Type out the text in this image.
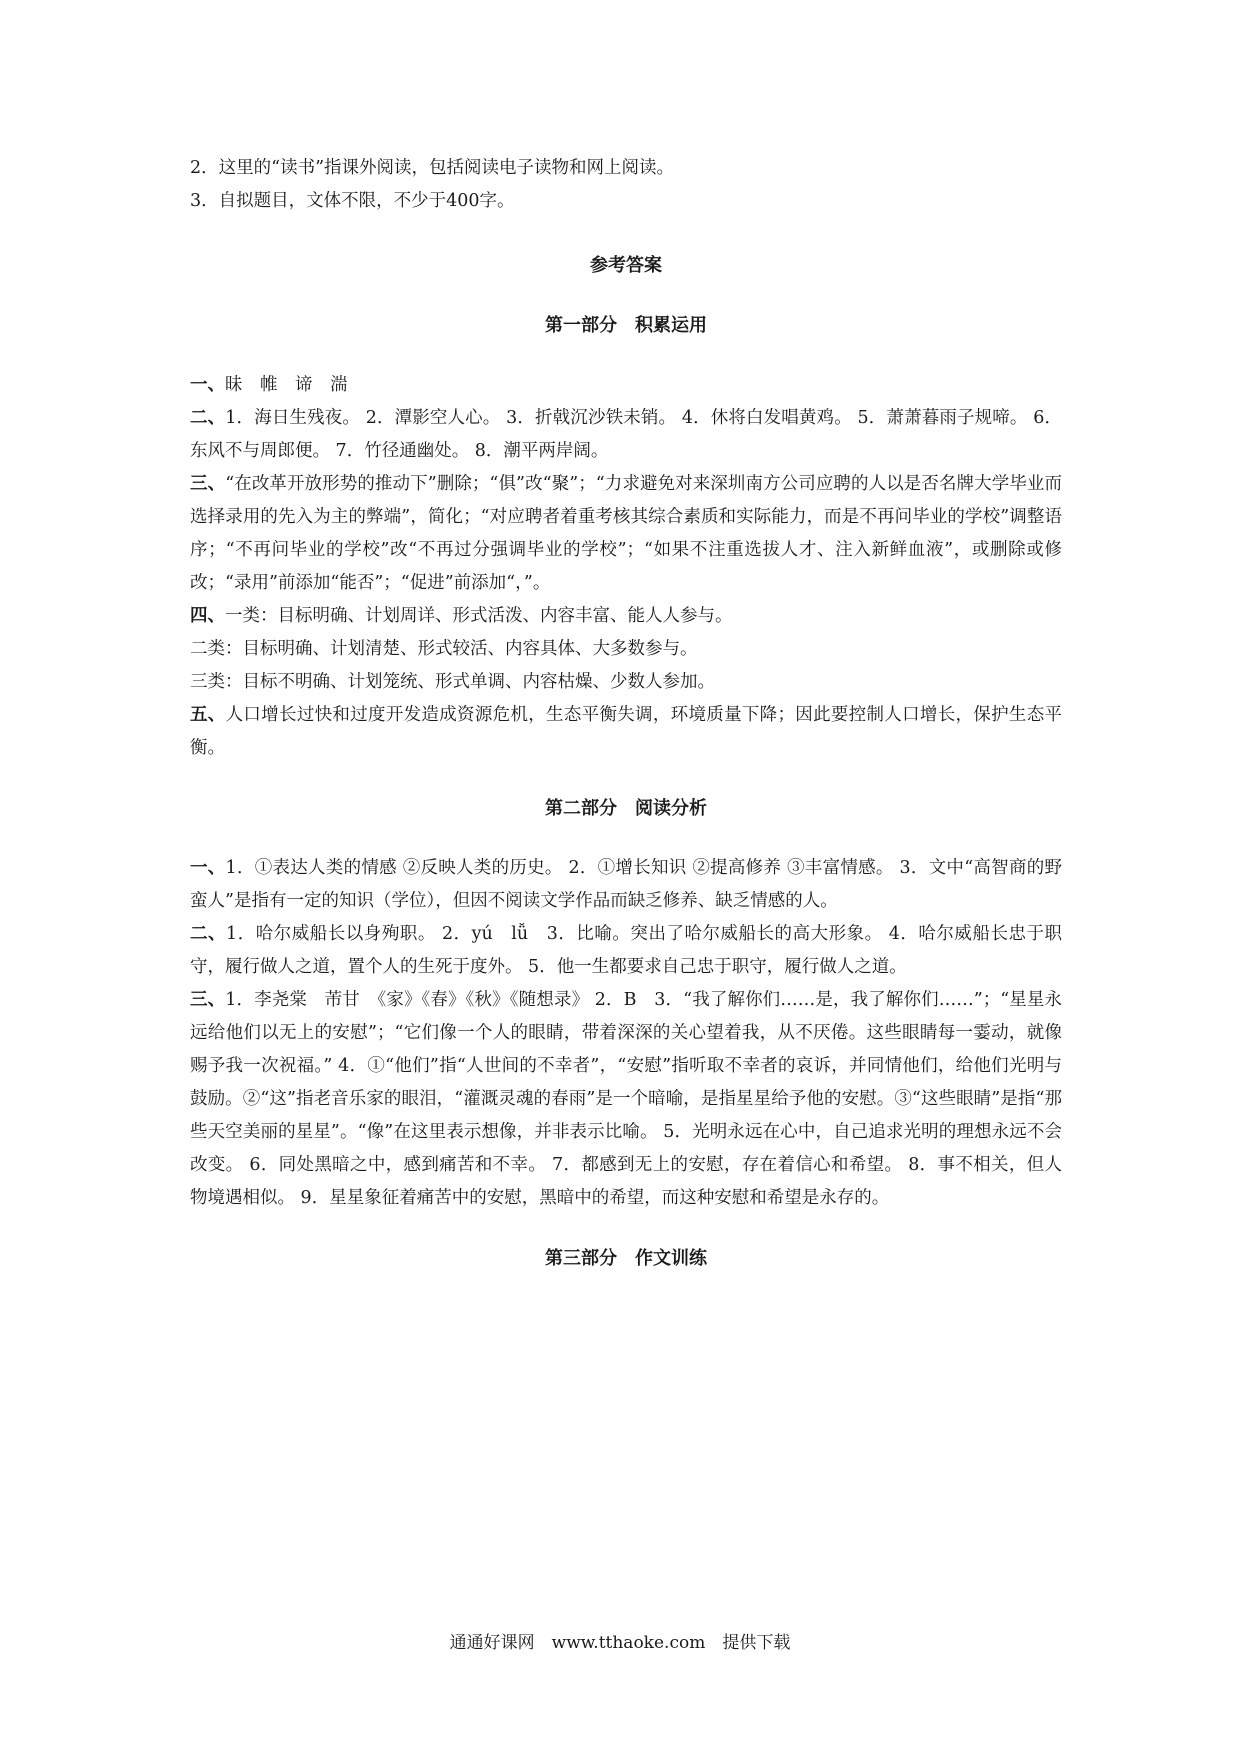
2．这里的“读书”指课外阅读，包括阅读电子读物和网上阅读。

3．自拟题目，文体不限，不少于400字。

参考答案

第一部分　积累运用

一、昧　帷　谛　湍

二、1．海日生残夜。 2．潭影空人心。 3．折戟沉沙铁未销。 4．休将白发唱黄鸡。 5．萧萧暮雨子规啼。 6．东风不与周郎便。 7．竹径通幽处。 8．潮平两岸阔。

三、“在改革开放形势的推动下”删除；“俱”改“聚”；“力求避免对来深圳南方公司应聘的人以是否名牌大学毕业而选择录用的先入为主的弊端”，简化；“对应聘者着重考核其综合素质和实际能力，而是不再问毕业的学校”调整语序；“不再问毕业的学校”改“不再过分强调毕业的学校”；“如果不注重选拔人才、注入新鲜血液”，或删除或修改；“录用”前添加“能否”；“促进”前添加“，”。

四、一类：目标明确、计划周详、形式活泼、内容丰富、能人人参与。

二类：目标明确、计划清楚、形式较活、内容具体、大多数参与。

三类：目标不明确、计划笼统、形式单调、内容枯燥、少数人参加。

五、人口增长过快和过度开发造成资源危机，生态平衡失调，环境质量下降；因此要控制人口增长，保护生态平衡。

第二部分　阅读分析

一、1．①表达人类的情感 ②反映人类的历史。 2．①增长知识 ②提高修养 ③丰富情感。 3．文中“高智商的野蛮人”是指有一定的知识（学位），但因不阅读文学作品而缺乏修养、缺乏情感的人。

二、1．哈尔威船长以身殉职。 2．yú　lǚ　3．比喻。突出了哈尔威船长的高大形象。 4．哈尔威船长忠于职守，履行做人之道，置个人的生死于度外。 5．他一生都要求自己忠于职守，履行做人之道。

三、1．李尧棠　芾甘　《家》《春》《秋》《随想录》 2．B　3．“我了解你们……是，我了解你们……”；“星星永远给他们以无上的安慰”；“它们像一个人的眼睛，带着深深的关心望着我，从不厌倦。这些眼睛每一霎动，就像赐予我一次祝福。” 4．①“他们”指“人世间的不幸者”，“安慰”指听取不幸者的哀诉，并同情他们，给他们光明与鼓励。②“这”指老音乐家的眼泪，“灌溉灵魂的春雨”是一个暗喻，是指星星给予他的安慰。③“这些眼睛”是指“那些天空美丽的星星”。“像”在这里表示想像，并非表示比喻。 5．光明永远在心中，自己追求光明的理想永远不会改变。 6．同处黑暗之中，感到痛苦和不幸。 7．都感到无上的安慰，存在着信心和希望。 8．事不相关，但人物境遇相似。 9．星星象征着痛苦中的安慰，黑暗中的希望，而这种安慰和希望是永存的。

第三部分　作文训练

通通好课网　www.tthaoke.com　提供下载
